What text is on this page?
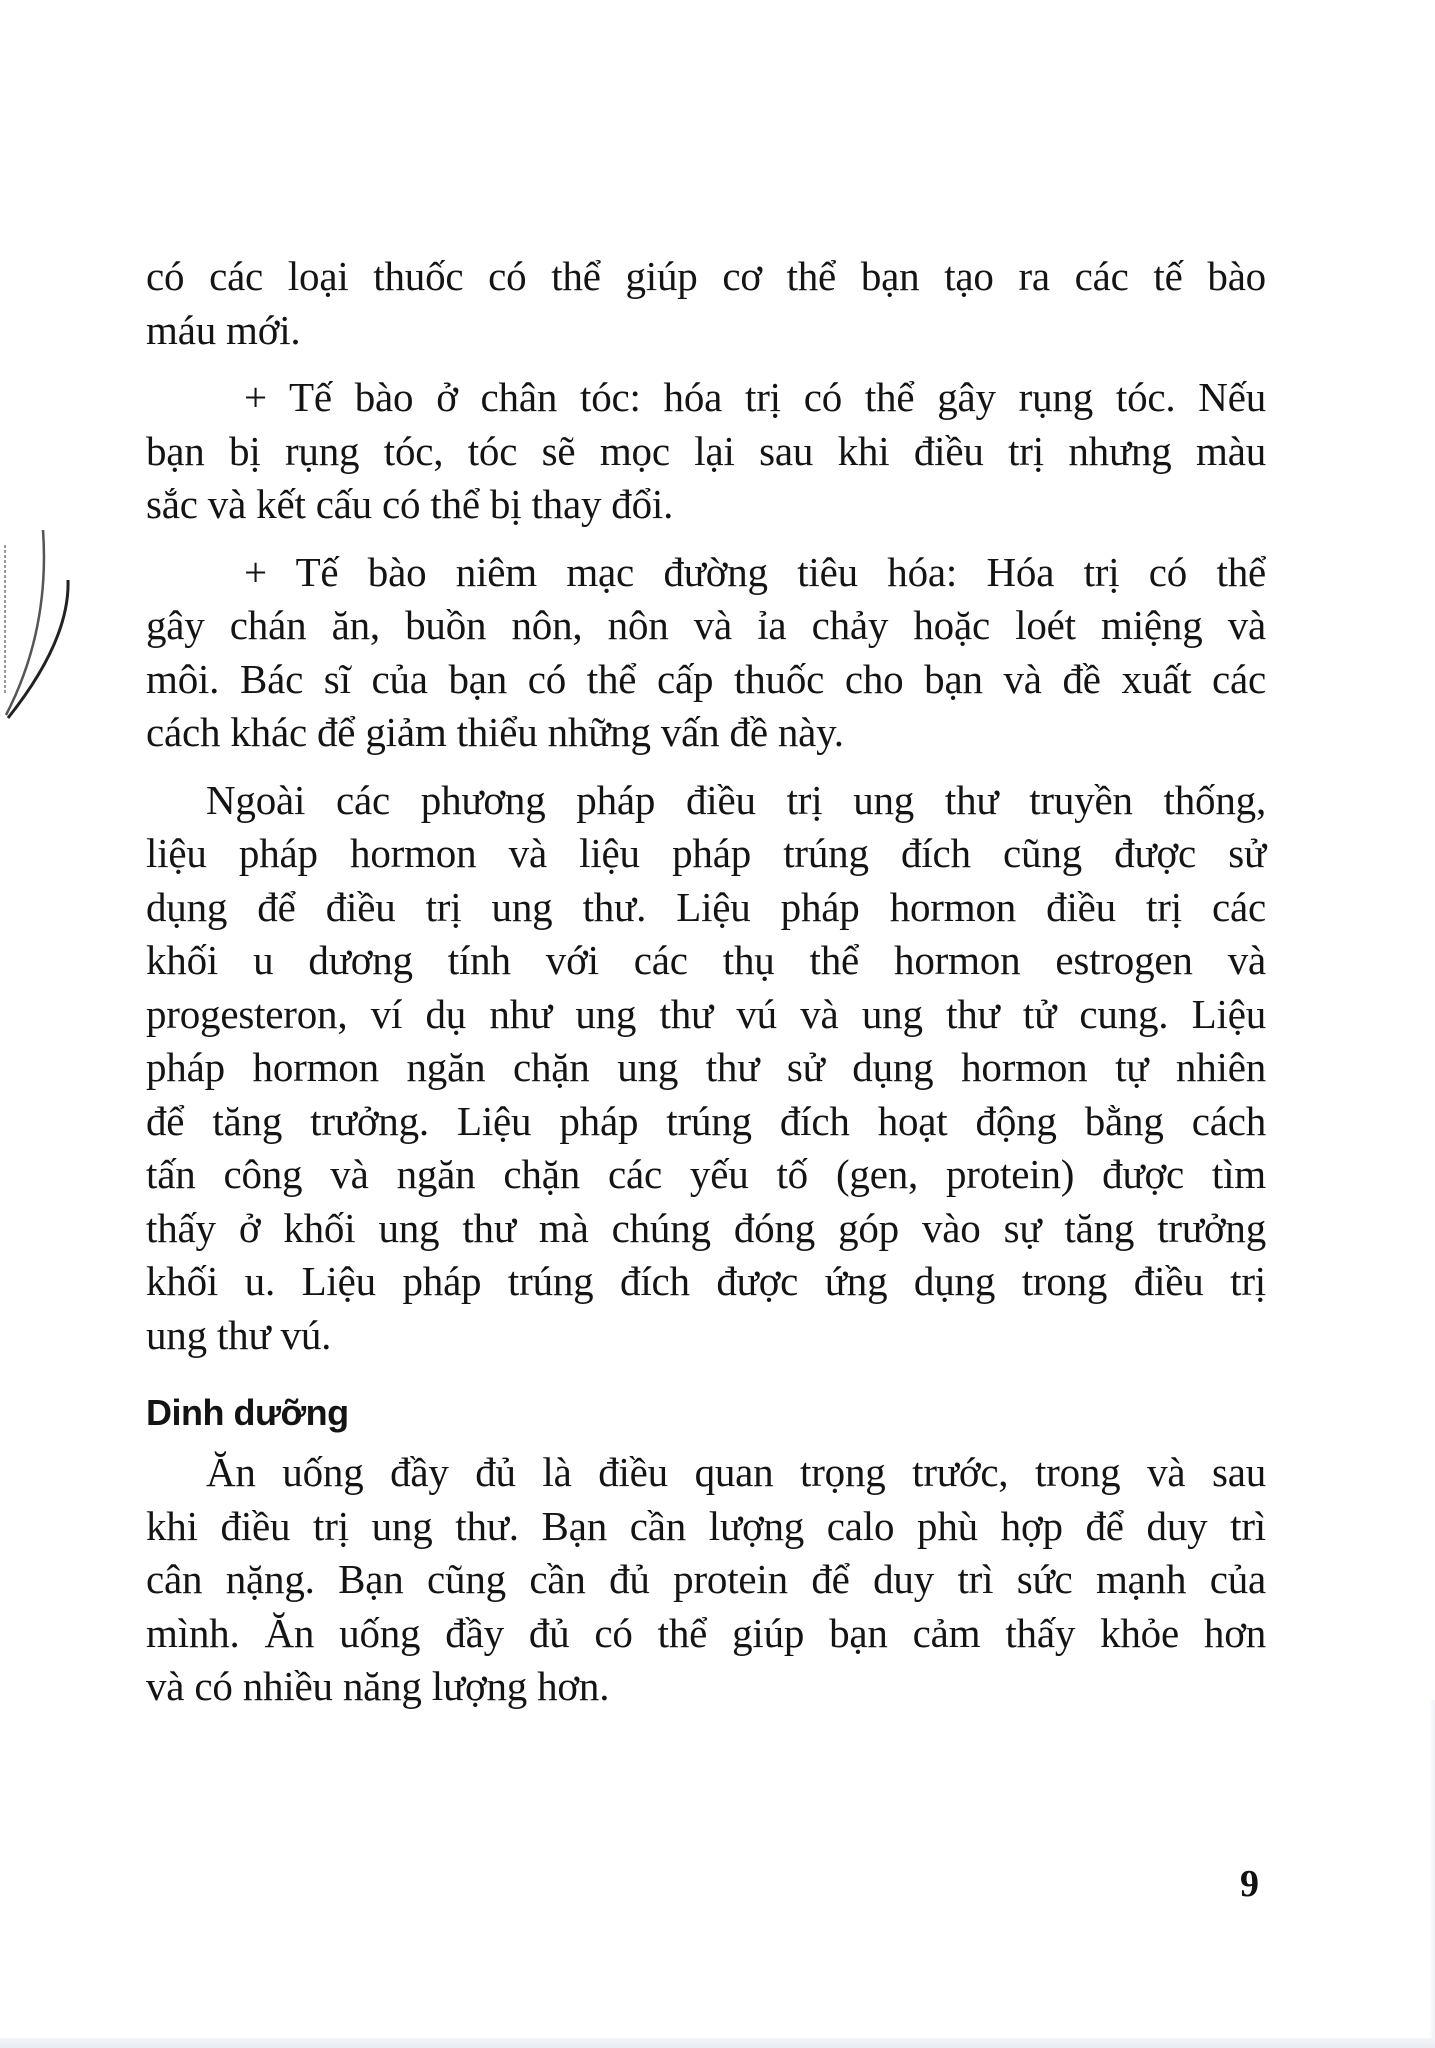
có các loại thuốc có thể giúp cơ thể bạn tạo ra các tế bào
máu mới.
+ Tế bào ở chân tóc: hóa trị có thể gây rụng tóc. Nếu
bạn bị rụng tóc, tóc sẽ mọc lại sau khi điều trị nhưng màu
sắc và kết cấu có thể bị thay đổi.
+ Tế bào niêm mạc đường tiêu hóa: Hóa trị có thể
gây chán ăn, buồn nôn, nôn và ỉa chảy hoặc loét miệng và
môi. Bác sĩ của bạn có thể cấp thuốc cho bạn và đề xuất các
cách khác để giảm thiểu những vấn đề này.
Ngoài các phương pháp điều trị ung thư truyền thống,
liệu pháp hormon và liệu pháp trúng đích cũng được sử
dụng để điều trị ung thư. Liệu pháp hormon điều trị các
khối u dương tính với các thụ thể hormon estrogen và
progesteron, ví dụ như ung thư vú và ung thư tử cung. Liệu
pháp hormon ngăn chặn ung thư sử dụng hormon tự nhiên
để tăng trưởng. Liệu pháp trúng đích hoạt động bằng cách
tấn công và ngăn chặn các yếu tố (gen, protein) được tìm
thấy ở khối ung thư mà chúng đóng góp vào sự tăng trưởng
khối u. Liệu pháp trúng đích được ứng dụng trong điều trị
ung thư vú.
Dinh dưỡng
Ăn uống đầy đủ là điều quan trọng trước, trong và sau
khi điều trị ung thư. Bạn cần lượng calo phù hợp để duy trì
cân nặng. Bạn cũng cần đủ protein để duy trì sức mạnh của
mình. Ăn uống đầy đủ có thể giúp bạn cảm thấy khỏe hơn
và có nhiều năng lượng hơn.
9
